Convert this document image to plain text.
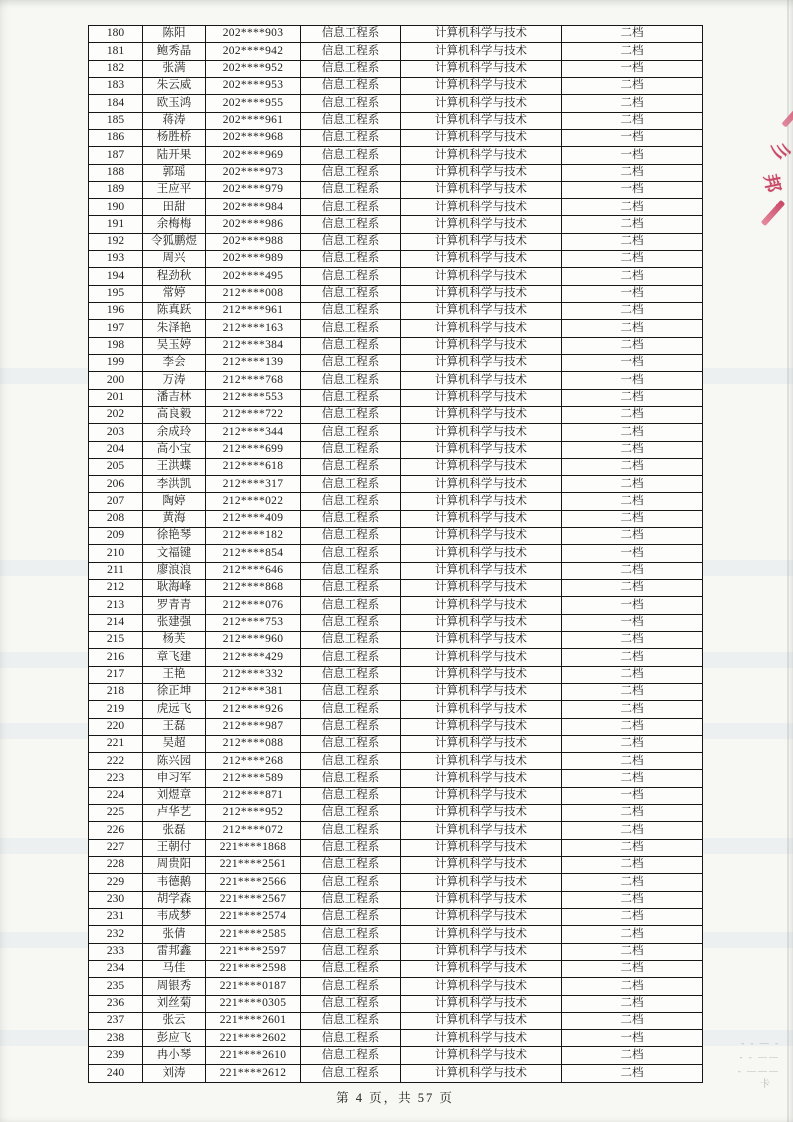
180	陈阳	202****903	信息工程系	计算机科学与技术	二档
181	鲍秀晶	202****942	信息工程系	计算机科学与技术	二档
182	张满	202****952	信息工程系	计算机科学与技术	一档
183	朱云威	202****953	信息工程系	计算机科学与技术	二档
184	欧玉鸿	202****955	信息工程系	计算机科学与技术	二档
185	蒋涛	202****961	信息工程系	计算机科学与技术	二档
186	杨胜桥	202****968	信息工程系	计算机科学与技术	一档
187	陆开果	202****969	信息工程系	计算机科学与技术	一档
188	郭瑶	202****973	信息工程系	计算机科学与技术	二档
189	王应平	202****979	信息工程系	计算机科学与技术	一档
190	田甜	202****984	信息工程系	计算机科学与技术	二档
191	余梅梅	202****986	信息工程系	计算机科学与技术	二档
192	令狐鹏煜	202****988	信息工程系	计算机科学与技术	二档
193	周兴	202****989	信息工程系	计算机科学与技术	二档
194	程劲秋	202****495	信息工程系	计算机科学与技术	二档
195	常婷	212****008	信息工程系	计算机科学与技术	一档
196	陈真跃	212****961	信息工程系	计算机科学与技术	二档
197	朱泽艳	212****163	信息工程系	计算机科学与技术	二档
198	吴玉婷	212****384	信息工程系	计算机科学与技术	二档
199	李会	212****139	信息工程系	计算机科学与技术	一档
200	万涛	212****768	信息工程系	计算机科学与技术	一档
201	潘吉林	212****553	信息工程系	计算机科学与技术	二档
202	高良毅	212****722	信息工程系	计算机科学与技术	二档
203	余成玲	212****344	信息工程系	计算机科学与技术	二档
204	高小宝	212****699	信息工程系	计算机科学与技术	二档
205	王洪蝶	212****618	信息工程系	计算机科学与技术	二档
206	李洪凯	212****317	信息工程系	计算机科学与技术	二档
207	陶婷	212****022	信息工程系	计算机科学与技术	二档
208	黄海	212****409	信息工程系	计算机科学与技术	二档
209	徐艳琴	212****182	信息工程系	计算机科学与技术	二档
210	文福键	212****854	信息工程系	计算机科学与技术	一档
211	廖浪浪	212****646	信息工程系	计算机科学与技术	二档
212	耿海峰	212****868	信息工程系	计算机科学与技术	二档
213	罗青青	212****076	信息工程系	计算机科学与技术	一档
214	张建强	212****753	信息工程系	计算机科学与技术	一档
215	杨芙	212****960	信息工程系	计算机科学与技术	二档
216	章飞建	212****429	信息工程系	计算机科学与技术	二档
217	王艳	212****332	信息工程系	计算机科学与技术	二档
218	徐正坤	212****381	信息工程系	计算机科学与技术	二档
219	虎远飞	212****926	信息工程系	计算机科学与技术	二档
220	王磊	212****987	信息工程系	计算机科学与技术	二档
221	吴超	212****088	信息工程系	计算机科学与技术	二档
222	陈兴园	212****268	信息工程系	计算机科学与技术	二档
223	申习军	212****589	信息工程系	计算机科学与技术	二档
224	刘煜章	212****871	信息工程系	计算机科学与技术	一档
225	卢华艺	212****952	信息工程系	计算机科学与技术	二档
226	张磊	212****072	信息工程系	计算机科学与技术	二档
227	王朝付	221****1868	信息工程系	计算机科学与技术	二档
228	周贵阳	221****2561	信息工程系	计算机科学与技术	二档
229	韦德鹅	221****2566	信息工程系	计算机科学与技术	二档
230	胡学森	221****2567	信息工程系	计算机科学与技术	二档
231	韦成梦	221****2574	信息工程系	计算机科学与技术	二档
232	张倩	221****2585	信息工程系	计算机科学与技术	二档
233	雷邦鑫	221****2597	信息工程系	计算机科学与技术	二档
234	马佳	221****2598	信息工程系	计算机科学与技术	二档
235	周银秀	221****0187	信息工程系	计算机科学与技术	二档
236	刘丝菊	221****0305	信息工程系	计算机科学与技术	二档
237	张云	221****2601	信息工程系	计算机科学与技术	二档
238	彭应飞	221****2602	信息工程系	计算机科学与技术	一档
239	冉小琴	221****2610	信息工程系	计算机科学与技术	二档
240	刘涛	221****2612	信息工程系	计算机科学与技术	二档
第 4 页，共 57 页
彡
邦
- - — -
- - ——
- ———
卡
